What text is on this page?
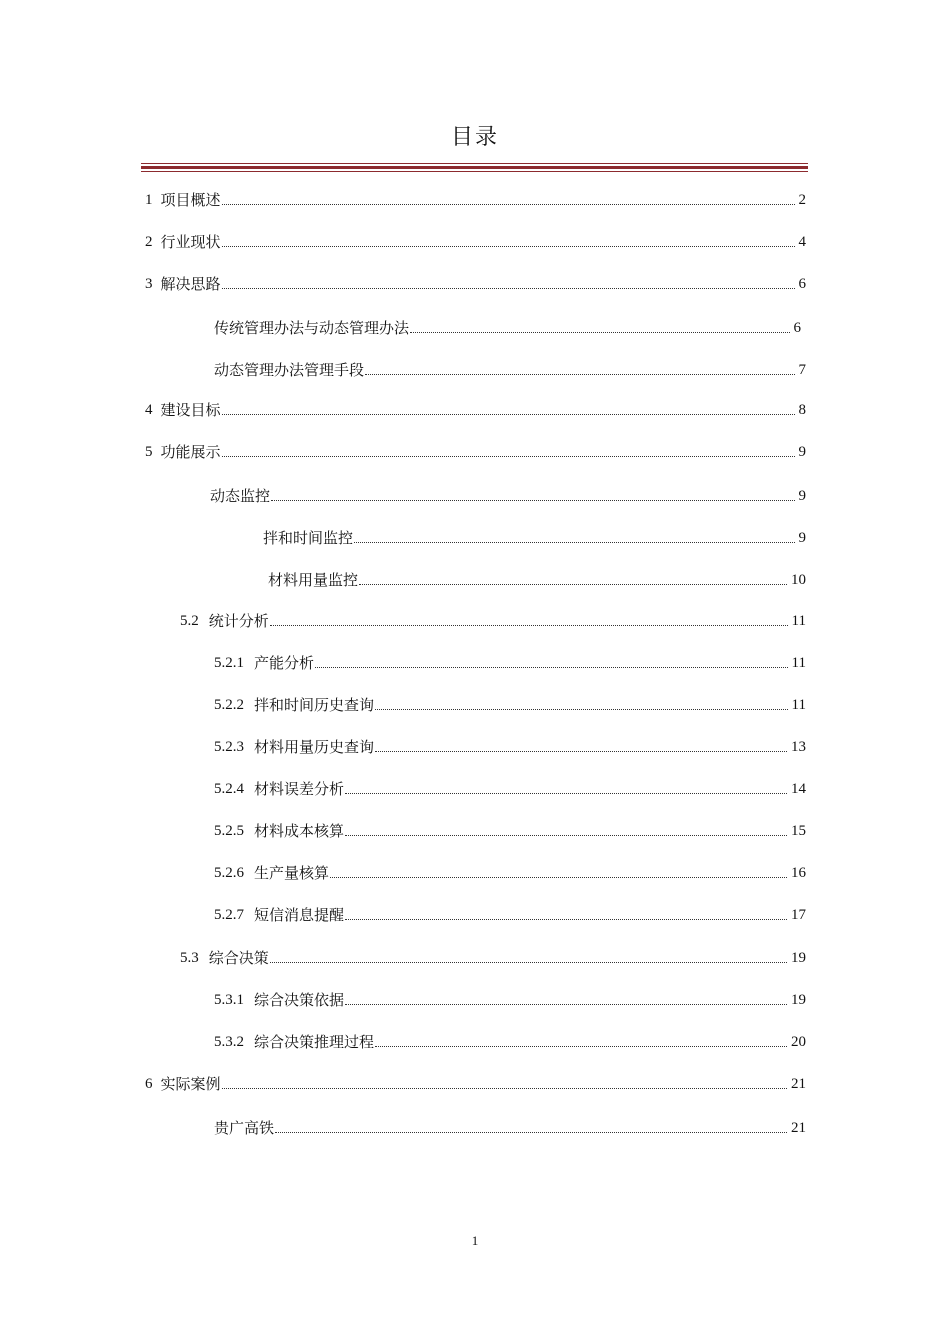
目录
1 项目概述	2
2 行业现状	4
3 解决思路	6
传统管理办法与动态管理办法	6
动态管理办法管理手段	7
4 建设目标	8
5 功能展示	9
动态监控	9
拌和时间监控	9
材料用量监控	10
5.2 统计分析	11
5.2.1 产能分析	11
5.2.2 拌和时间历史查询	11
5.2.3 材料用量历史查询	13
5.2.4 材料误差分析	14
5.2.5 材料成本核算	15
5.2.6 生产量核算	16
5.2.7 短信消息提醒	17
5.3 综合决策	19
5.3.1 综合决策依据	19
5.3.2 综合决策推理过程	20
6 实际案例	21
贵广高铁	21
1
